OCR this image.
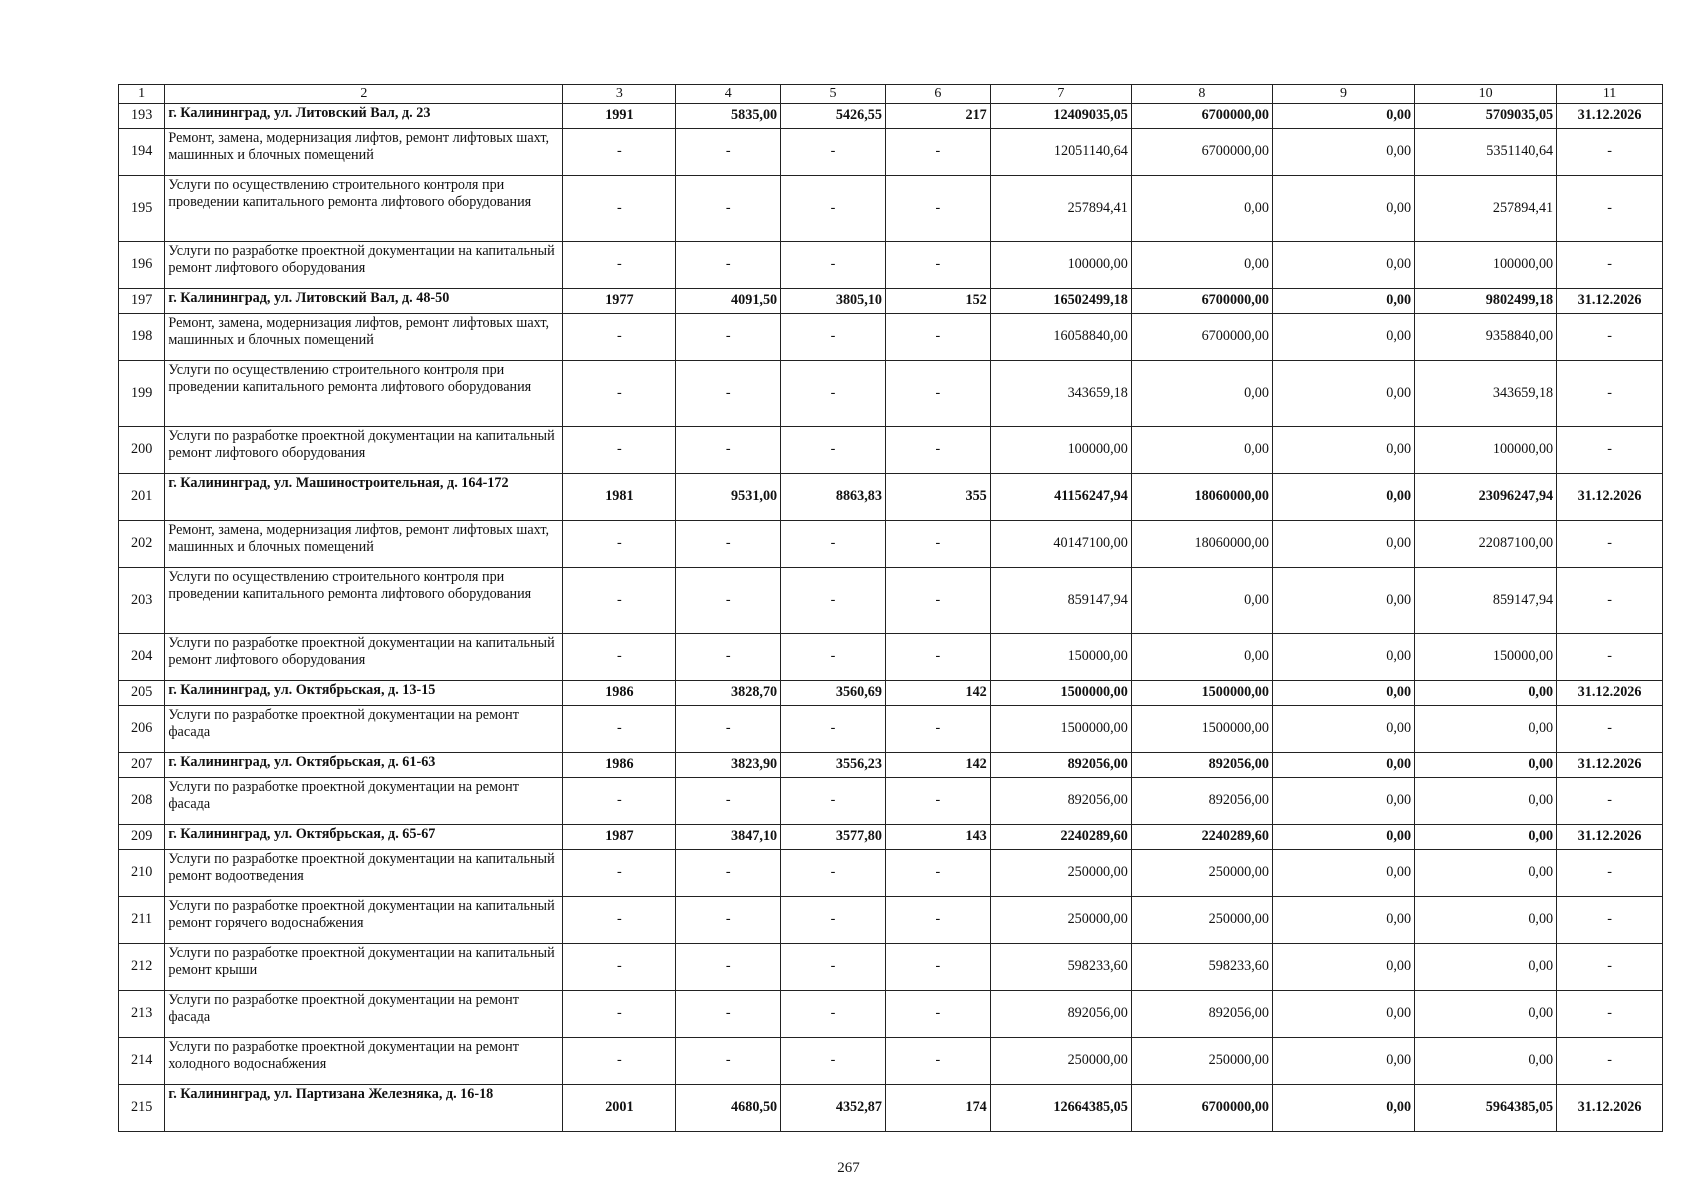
1	2	3	4	5	6	7	8	9	10	11
193	г. Калининград, ул. Литовский Вал, д. 23	1991	5835,00	5426,55	217	12409035,05	6700000,00	0,00	5709035,05	31.12.2026
194	Ремонт, замена, модернизация лифтов, ремонт лифтовых шахт, машинных и блочных помещений	-	-	-	-	12051140,64	6700000,00	0,00	5351140,64	-
195	Услуги по осуществлению строительного контроля при проведении капитального ремонта лифтового оборудования	-	-	-	-	257894,41	0,00	0,00	257894,41	-
196	Услуги по разработке проектной документации на капитальный ремонт лифтового оборудования	-	-	-	-	100000,00	0,00	0,00	100000,00	-
197	г. Калининград, ул. Литовский Вал, д. 48-50	1977	4091,50	3805,10	152	16502499,18	6700000,00	0,00	9802499,18	31.12.2026
198	Ремонт, замена, модернизация лифтов, ремонт лифтовых шахт, машинных и блочных помещений	-	-	-	-	16058840,00	6700000,00	0,00	9358840,00	-
199	Услуги по осуществлению строительного контроля при проведении капитального ремонта лифтового оборудования	-	-	-	-	343659,18	0,00	0,00	343659,18	-
200	Услуги по разработке проектной документации на капитальный ремонт лифтового оборудования	-	-	-	-	100000,00	0,00	0,00	100000,00	-
201	г. Калининград, ул. Машиностроительная, д. 164-172	1981	9531,00	8863,83	355	41156247,94	18060000,00	0,00	23096247,94	31.12.2026
202	Ремонт, замена, модернизация лифтов, ремонт лифтовых шахт, машинных и блочных помещений	-	-	-	-	40147100,00	18060000,00	0,00	22087100,00	-
203	Услуги по осуществлению строительного контроля при проведении капитального ремонта лифтового оборудования	-	-	-	-	859147,94	0,00	0,00	859147,94	-
204	Услуги по разработке проектной документации на капитальный ремонт лифтового оборудования	-	-	-	-	150000,00	0,00	0,00	150000,00	-
205	г. Калининград, ул. Октябрьская, д. 13-15	1986	3828,70	3560,69	142	1500000,00	1500000,00	0,00	0,00	31.12.2026
206	Услуги по разработке проектной документации на ремонт фасада	-	-	-	-	1500000,00	1500000,00	0,00	0,00	-
207	г. Калининград, ул. Октябрьская, д. 61-63	1986	3823,90	3556,23	142	892056,00	892056,00	0,00	0,00	31.12.2026
208	Услуги по разработке проектной документации на ремонт фасада	-	-	-	-	892056,00	892056,00	0,00	0,00	-
209	г. Калининград, ул. Октябрьская, д. 65-67	1987	3847,10	3577,80	143	2240289,60	2240289,60	0,00	0,00	31.12.2026
210	Услуги по разработке проектной документации на капитальный ремонт водоотведения	-	-	-	-	250000,00	250000,00	0,00	0,00	-
211	Услуги по разработке проектной документации на капитальный ремонт горячего водоснабжения	-	-	-	-	250000,00	250000,00	0,00	0,00	-
212	Услуги по разработке проектной документации на капитальный ремонт крыши	-	-	-	-	598233,60	598233,60	0,00	0,00	-
213	Услуги по разработке проектной документации на ремонт фасада	-	-	-	-	892056,00	892056,00	0,00	0,00	-
214	Услуги по разработке проектной документации на ремонт холодного водоснабжения	-	-	-	-	250000,00	250000,00	0,00	0,00	-
215	г. Калининград, ул. Партизана Железняка, д. 16-18	2001	4680,50	4352,87	174	12664385,05	6700000,00	0,00	5964385,05	31.12.2026
267
